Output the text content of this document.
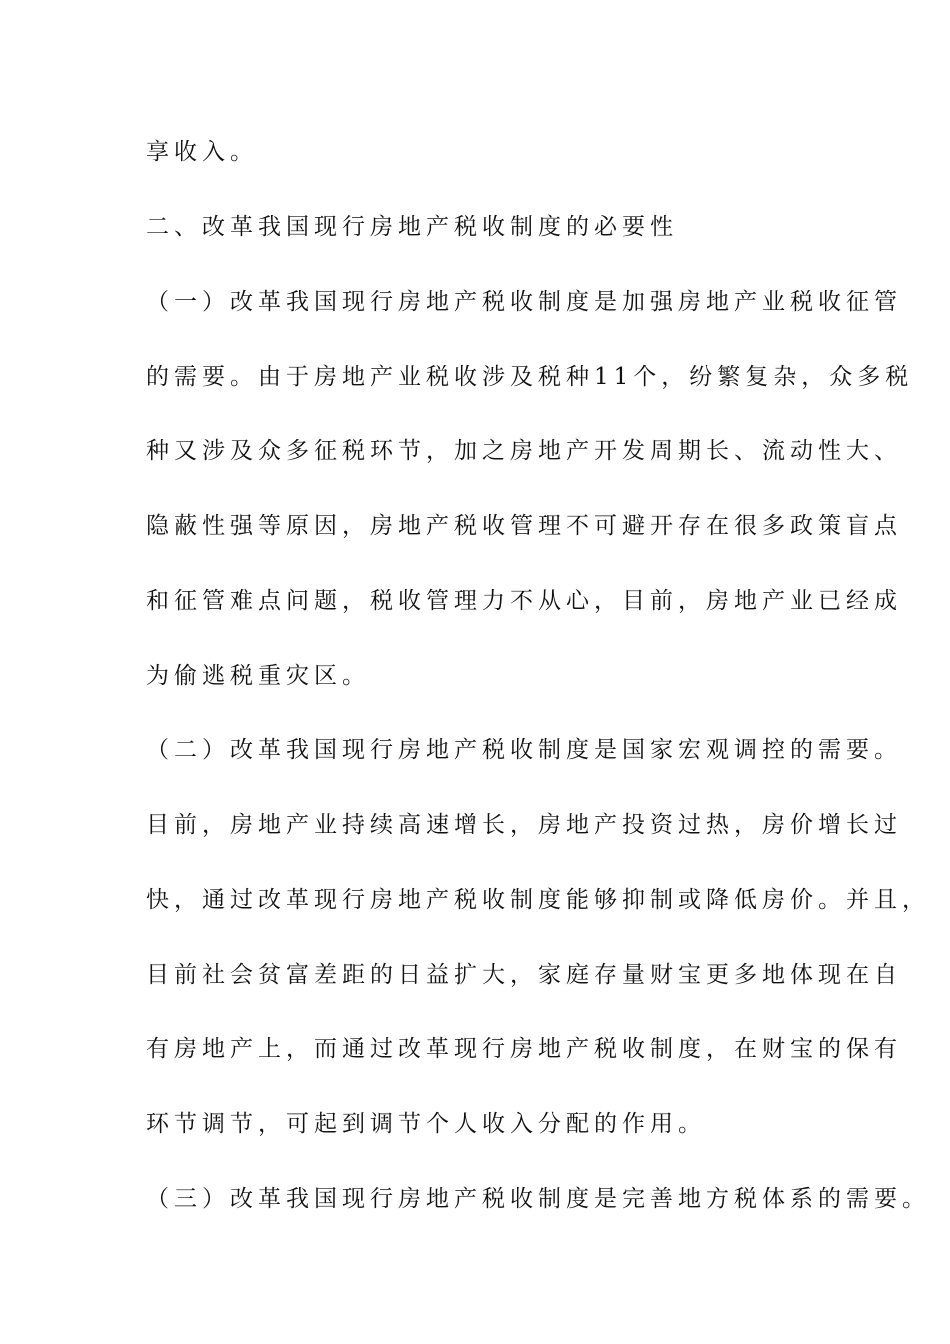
享收入。
二、改革我国现行房地产税收制度的必要性
（一）改革我国现行房地产税收制度是加强房地产业税收征管
的需要。由于房地产业税收涉及税种11个，纷繁复杂，众多税
种又涉及众多征税环节，加之房地产开发周期长、流动性大、
隐蔽性强等原因，房地产税收管理不可避开存在很多政策盲点
和征管难点问题，税收管理力不从心，目前，房地产业已经成
为偷逃税重灾区。
（二）改革我国现行房地产税收制度是国家宏观调控的需要。
目前，房地产业持续高速增长，房地产投资过热，房价增长过
快，通过改革现行房地产税收制度能够抑制或降低房价。并且，
目前社会贫富差距的日益扩大，家庭存量财宝更多地体现在自
有房地产上，而通过改革现行房地产税收制度，在财宝的保有
环节调节，可起到调节个人收入分配的作用。
（三）改革我国现行房地产税收制度是完善地方税体系的需要。
